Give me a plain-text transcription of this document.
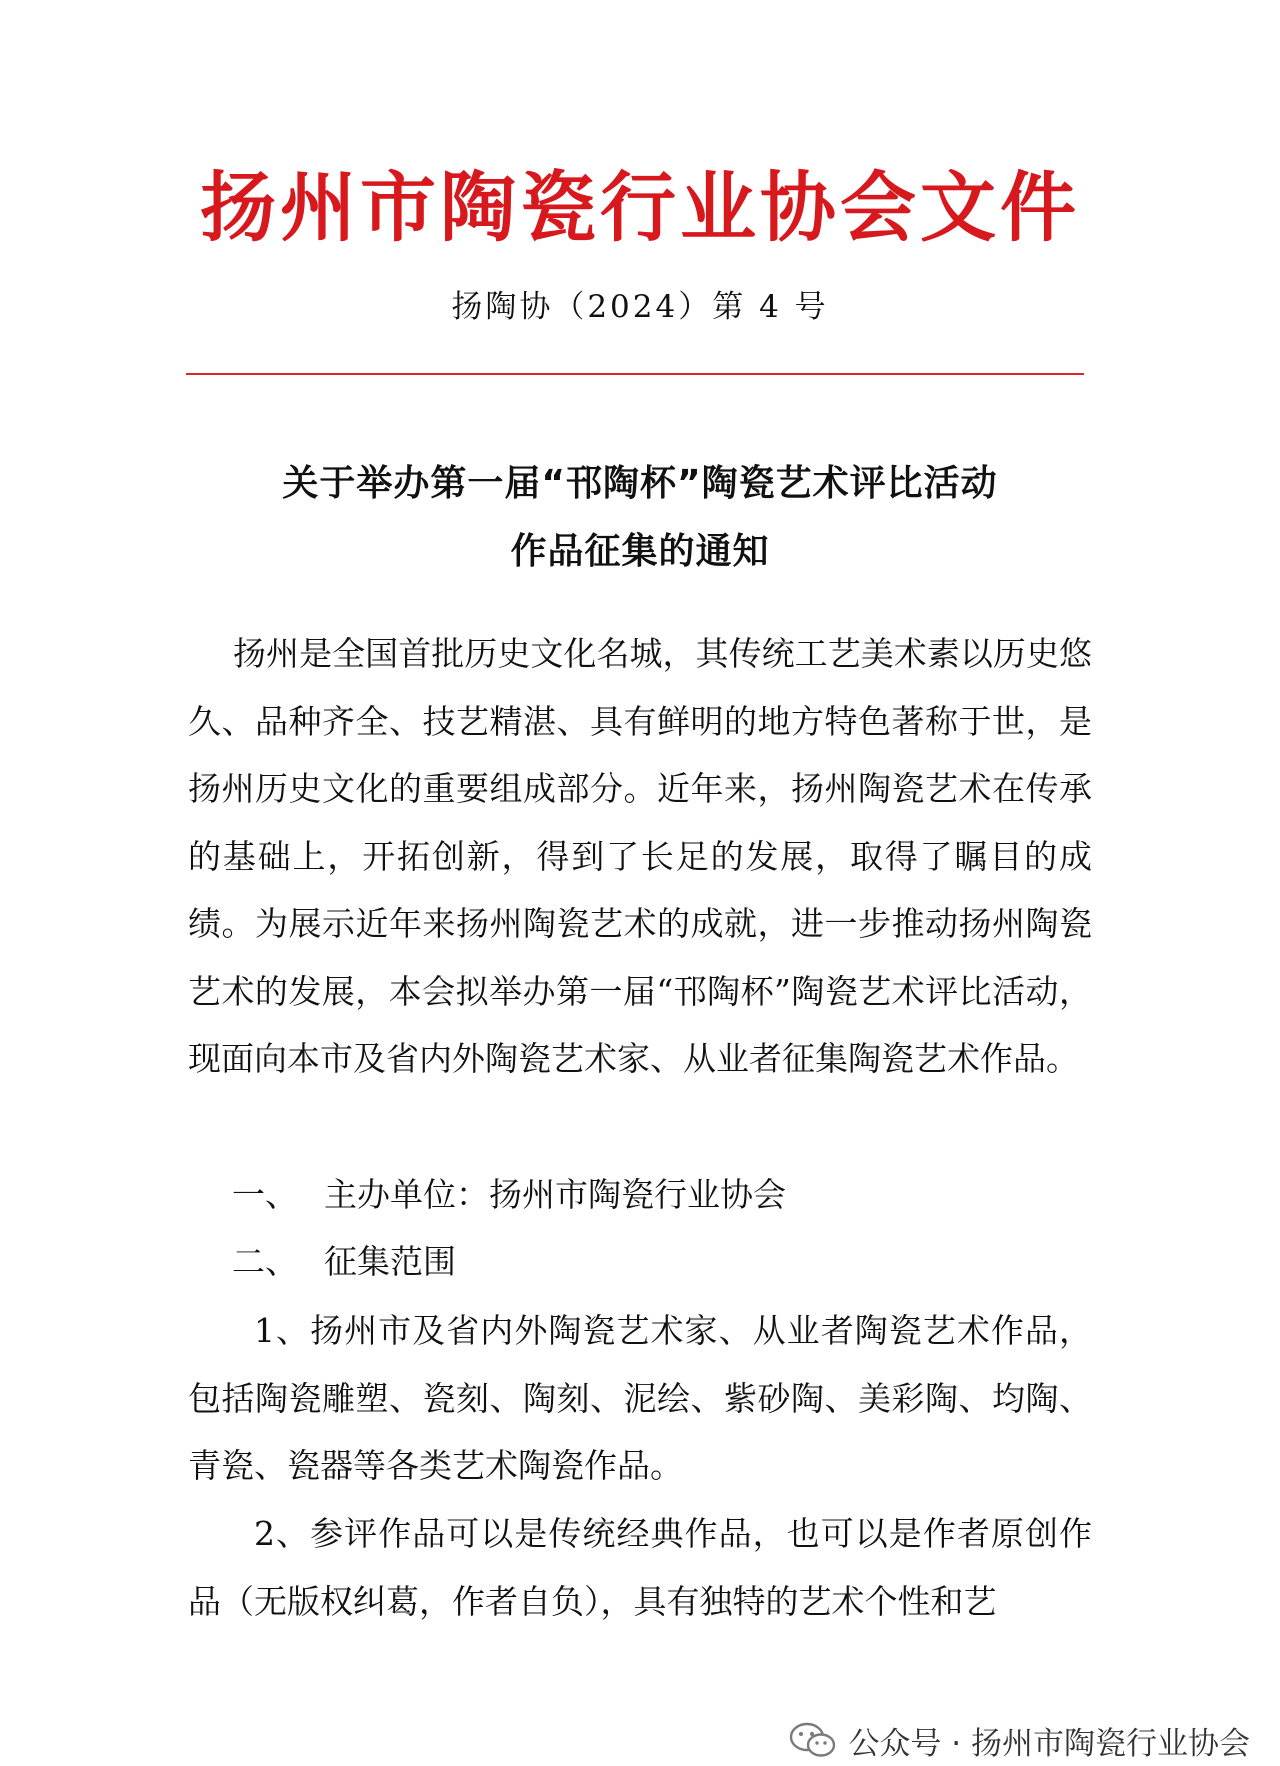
扬州市陶瓷行业协会文件
扬陶协（2024）第 4 号
关于举办第一届“邗陶杯”陶瓷艺术评比活动
作品征集的通知

扬州是全国首批历史文化名城，其传统工艺美术素以历史悠久、品种齐全、技艺精湛、具有鲜明的地方特色著称于世，是扬州历史文化的重要组成部分。近年来，扬州陶瓷艺术在传承的基础上，开拓创新，得到了长足的发展，取得了瞩目的成绩。为展示近年来扬州陶瓷艺术的成就，进一步推动扬州陶瓷艺术的发展，本会拟举办第一届“邗陶杯”陶瓷艺术评比活动，现面向本市及省内外陶瓷艺术家、从业者征集陶瓷艺术作品。

一、 主办单位：扬州市陶瓷行业协会
二、 征集范围

1、扬州市及省内外陶瓷艺术家、从业者陶瓷艺术作品，包括陶瓷雕塑、瓷刻、陶刻、泥绘、紫砂陶、美彩陶、均陶、青瓷、瓷器等各类艺术陶瓷作品。

2、参评作品可以是传统经典作品，也可以是作者原创作品（无版权纠葛，作者自负），具有独特的艺术个性和艺

公众号 · 扬州市陶瓷行业协会
